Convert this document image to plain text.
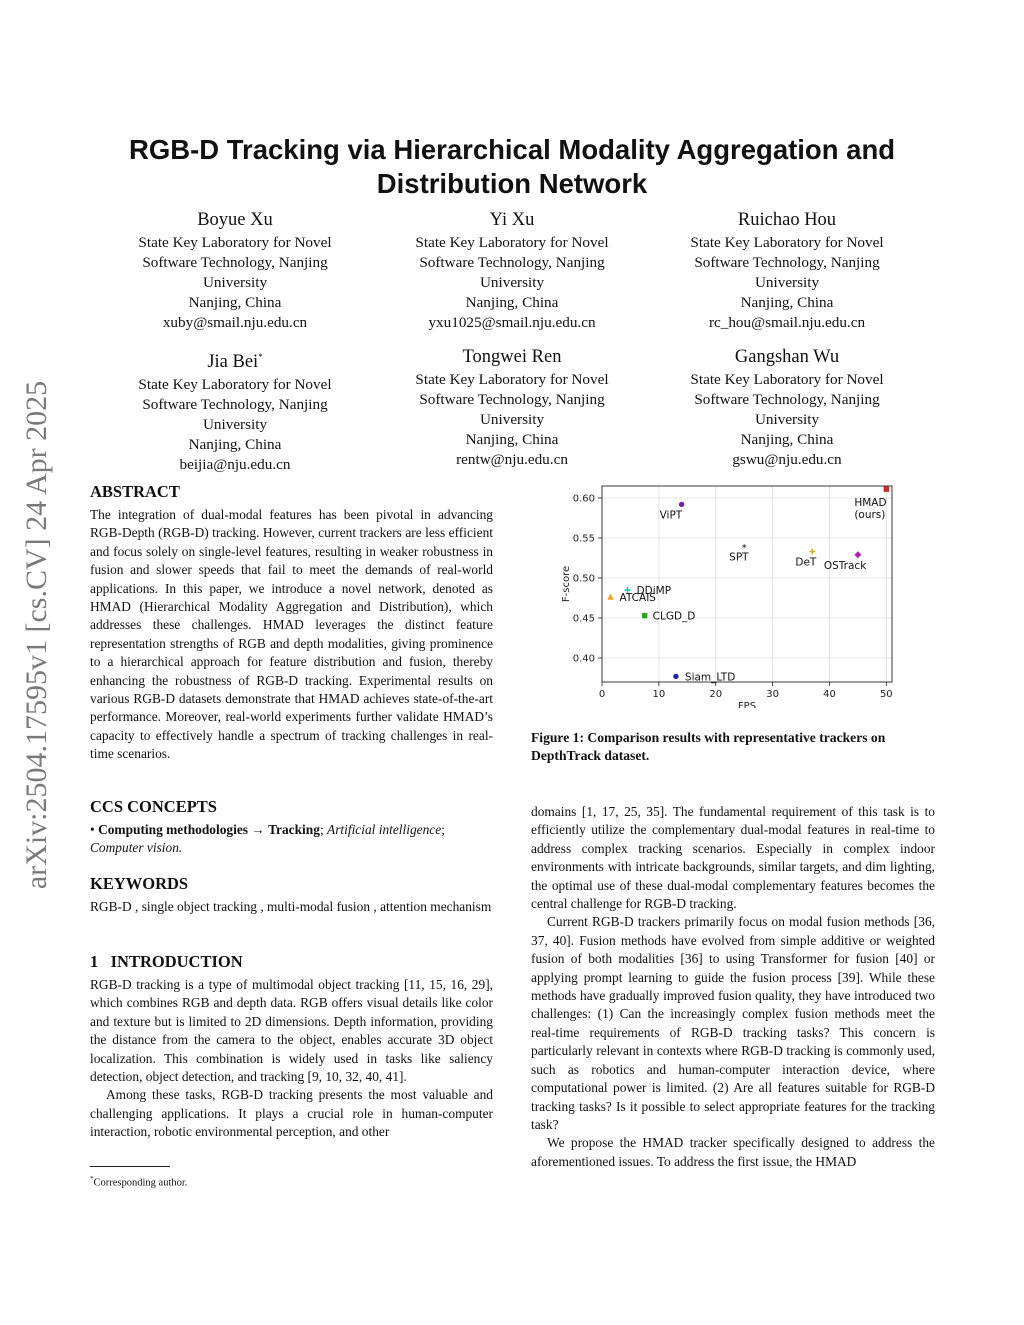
arXiv:2504.17595v1 [cs.CV] 24 Apr 2025
RGB-D Tracking via Hierarchical Modality Aggregation and Distribution Network
Boyue Xu
State Key Laboratory for Novel
Software Technology, Nanjing
University
Nanjing, China
xuby@smail.nju.edu.cn
Yi Xu
State Key Laboratory for Novel
Software Technology, Nanjing
University
Nanjing, China
yxu1025@smail.nju.edu.cn
Ruichao Hou
State Key Laboratory for Novel
Software Technology, Nanjing
University
Nanjing, China
rc_hou@smail.nju.edu.cn
Jia Bei*
State Key Laboratory for Novel
Software Technology, Nanjing
University
Nanjing, China
beijia@nju.edu.cn
Tongwei Ren
State Key Laboratory for Novel
Software Technology, Nanjing
University
Nanjing, China
rentw@nju.edu.cn
Gangshan Wu
State Key Laboratory for Novel
Software Technology, Nanjing
University
Nanjing, China
gswu@nju.edu.cn
ABSTRACT

The integration of dual-modal features has been pivotal in advancing RGB-Depth (RGB-D) tracking. However, current trackers are less efficient and focus solely on single-level features, resulting in weaker robustness in fusion and slower speeds that fail to meet the demands of real-world applications. In this paper, we introduce a novel network, denoted as HMAD (Hierarchical Modality Aggregation and Distribution), which addresses these challenges. HMAD leverages the distinct feature representation strengths of RGB and depth modalities, giving prominence to a hierarchical approach for feature distribution and fusion, thereby enhancing the robustness of RGB-D tracking. Experimental results on various RGB-D datasets demonstrate that HMAD achieves state-of-the-art performance. Moreover, real-world experiments further validate HMAD’s capacity to effectively handle a spectrum of tracking challenges in real-time scenarios.

CCS CONCEPTS
• Computing methodologies → Tracking; Artificial intelligence; Computer vision.
KEYWORDS

RGB-D , single object tracking , multi-modal fusion , attention mechanism

1   INTRODUCTION

RGB-D tracking is a type of multimodal object tracking [11, 15, 16, 29], which combines RGB and depth data. RGB offers visual details like color and texture but is limited to 2D dimensions. Depth information, providing the distance from the camera to the object, enables accurate 3D object localization. This combination is widely used in tasks like saliency detection, object detection, and tracking [9, 10, 32, 40, 41].

Among these tasks, RGB-D tracking presents the most valuable and challenging applications. It plays a crucial role in human-computer interaction, robotic environmental perception, and other

*Corresponding author.
0	10	20	30	40	50
0.40
0.45
0.50
0.55
0.60
FPS
F-score
ViPT
HMAD
(ours)
*
SPT	DeT OSTrack
DDiMP
ATCAIS
CLGD_D
Siam_LTD
Figure 1: Comparison results with representative trackers on DepthTrack dataset.

domains [1, 17, 25, 35]. The fundamental requirement of this task is to efficiently utilize the complementary dual-modal features in real-time to address complex tracking scenarios. Especially in complex indoor environments with intricate backgrounds, similar targets, and dim lighting, the optimal use of these dual-modal complementary features becomes the central challenge for RGB-D tracking.

Current RGB-D trackers primarily focus on modal fusion methods [36, 37, 40]. Fusion methods have evolved from simple additive or weighted fusion of both modalities [36] to using Transformer for fusion [40] or applying prompt learning to guide the fusion process [39]. While these methods have gradually improved fusion quality, they have introduced two challenges: (1) Can the increasingly complex fusion methods meet the real-time requirements of RGB-D tracking tasks? This concern is particularly relevant in contexts where RGB-D tracking is commonly used, such as robotics and human-computer interaction device, where computational power is limited. (2) Are all features suitable for RGB-D tracking tasks? Is it possible to select appropriate features for the tracking task?

We propose the HMAD tracker specifically designed to address the aforementioned issues. To address the first issue, the HMAD
